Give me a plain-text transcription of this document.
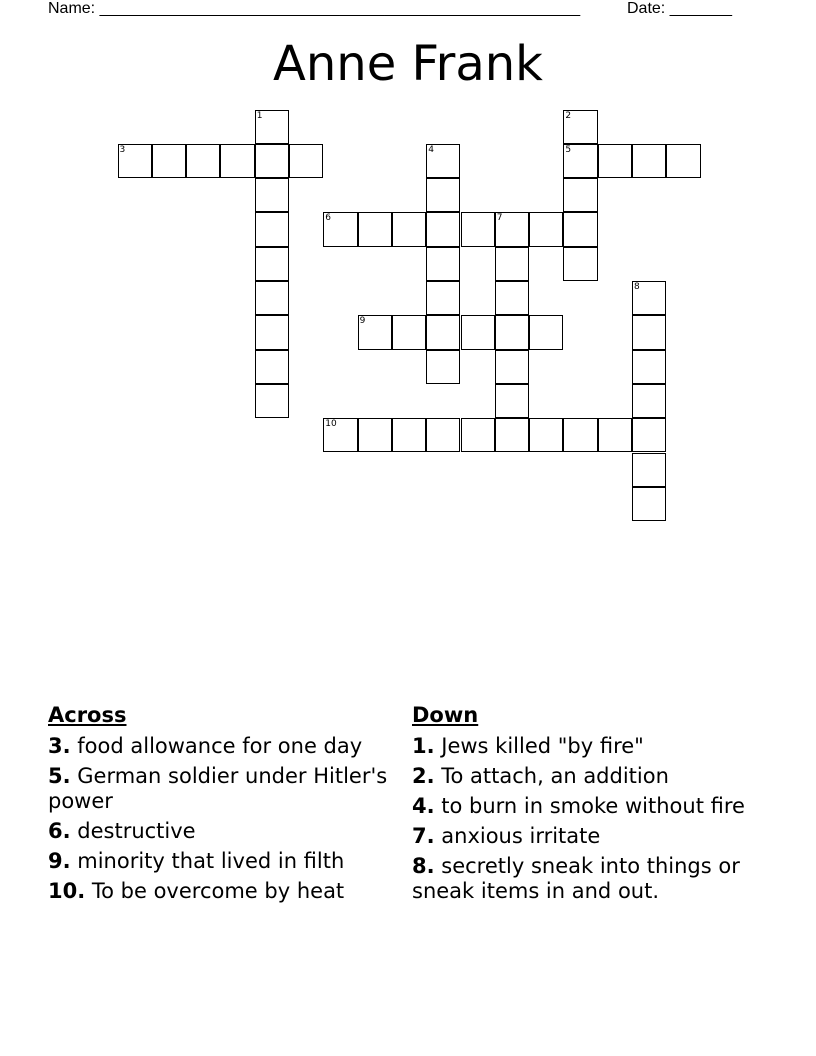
Name: ______________________________________________________	Date: _______
Anne Frank
3	5
6	7
9
10
1	2
4
8
Across
3. food allowance for one day
5. German soldier under Hitler's power
6. destructive
9. minority that lived in filth
10. To be overcome by heat
Down
1. Jews killed "by fire"
2. To attach, an addition
4. to burn in smoke without fire
7. anxious irritate
8. secretly sneak into things or sneak items in and out.
